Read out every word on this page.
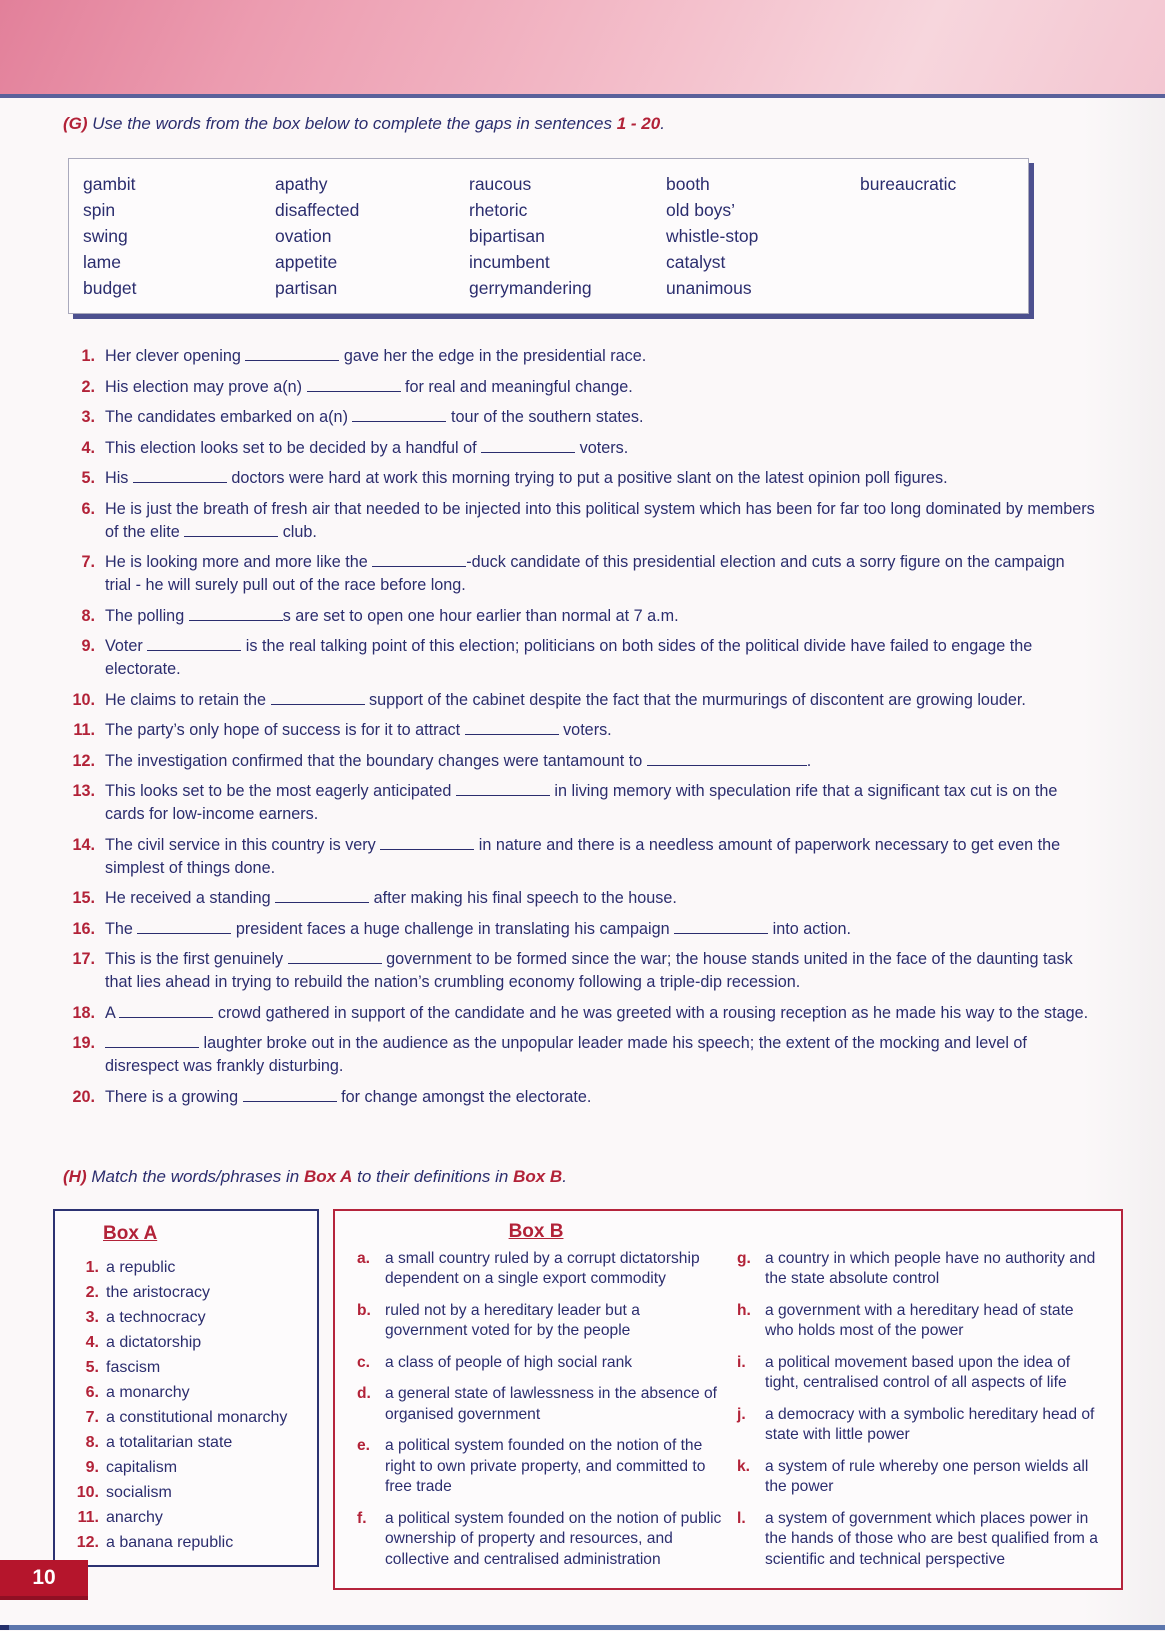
(G) Use the words from the box below to complete the gaps in sentences 1 - 20.
gambit
spin
swing
lame
budget
apathy
disaffected
ovation
appetite
partisan
raucous
rhetoric
bipartisan
incumbent
gerrymandering
booth
old boys’
whistle-stop
catalyst
unanimous
bureaucratic
1. Her clever opening	gave her the edge in the presidential race.
2. His election may prove a(n)	for real and meaningful change.
3. The candidates embarked on a(n)	tour of the southern states.
4. This election looks set to be decided by a handful of	voters.
5. His	doctors were hard at work this morning trying to put a positive slant on the latest opinion poll figures.
6. He is just the breath of fresh air that needed to be injected into this political system which has been for far too long dominated by members of the elite	club.
7. He is looking more and more like the	-duck candidate of this presidential election and cuts a sorry figure on the campaign trial - he will surely pull out of the race before long.
8. The polling	s are set to open one hour earlier than normal at 7 a.m.
9. Voter	is the real talking point of this election; politicians on both sides of the political divide have failed to engage the electorate.
10. He claims to retain the	support of the cabinet despite the fact that the murmurings of discontent are growing louder.
11. The party’s only hope of success is for it to attract	voters.
12. The investigation confirmed that the boundary changes were tantamount to	.
13. This looks set to be the most eagerly anticipated	in living memory with speculation rife that a significant tax cut is on the cards for low-income earners.
14. The civil service in this country is very	in nature and there is a needless amount of paperwork necessary to get even the simplest of things done.
15. He received a standing	after making his final speech to the house.
16. The	president faces a huge challenge in translating his campaign	into action.
17. This is the first genuinely	government to be formed since the war; the house stands united in the face of the daunting task that lies ahead in trying to rebuild the nation’s crumbling economy following a triple-dip recession.
18. A	crowd gathered in support of the candidate and he was greeted with a rousing reception as he made his way to the stage.
19.	laughter broke out in the audience as the unpopular leader made his speech; the extent of the mocking and level of disrespect was frankly disturbing.
20. There is a growing	for change amongst the electorate.
(H) Match the words/phrases in Box A to their definitions in Box B.
Box A
1. a republic
2. the aristocracy
3. a technocracy
4. a dictatorship
5. fascism
6. a monarchy
7. a constitutional monarchy
8. a totalitarian state
9. capitalism
10. socialism
11. anarchy
12. a banana republic
Box B
a. a small country ruled by a corrupt dictatorship dependent on a single export commodity
b. ruled not by a hereditary leader but a government voted for by the people
c. a class of people of high social rank
d. a general state of lawlessness in the absence of organised government
e. a political system founded on the notion of the right to own private property, and committed to free trade
f.	a political system founded on the notion of public ownership of property and resources, and collective and centralised administration
g. a country in which people have no authority and the state absolute control
h. a government with a hereditary head of state who holds most of the power
i.	a political movement based upon the idea of tight, centralised control of all aspects of life
j.	a democracy with a symbolic hereditary head of state with little power
k. a system of rule whereby one person wields all the power
l.	a system of government which places power in the hands of those who are best qualified from a scientific and technical perspective
10
